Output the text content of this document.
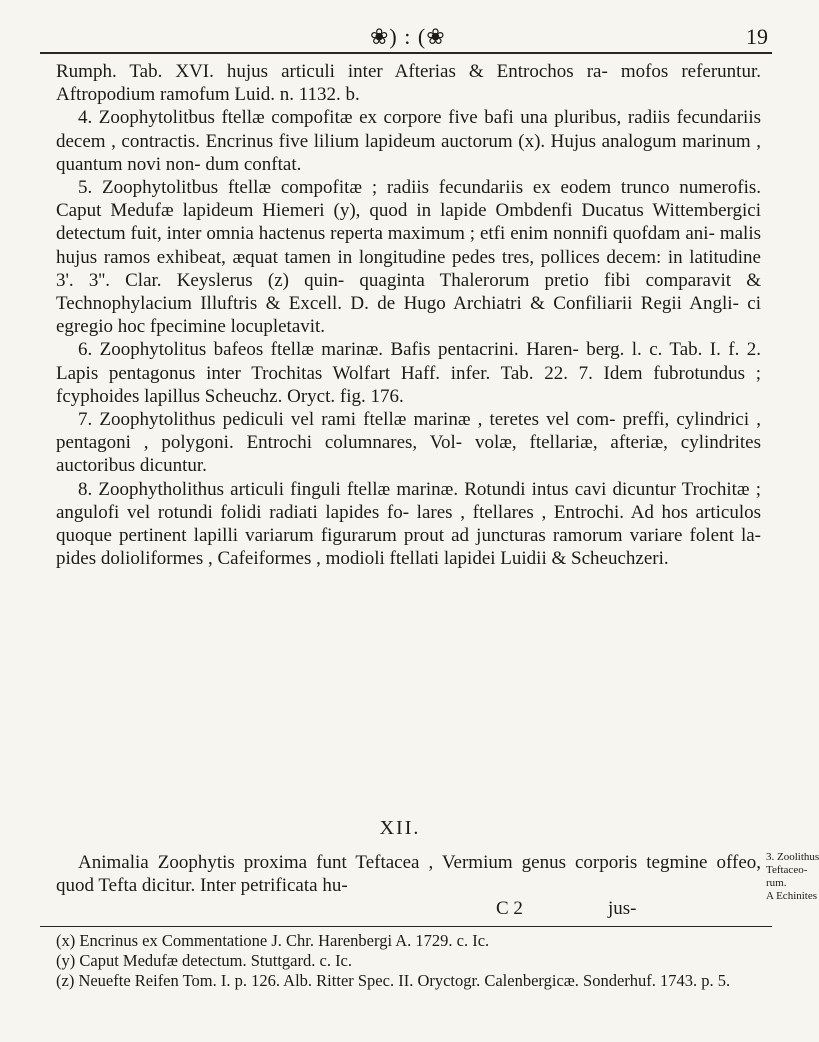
❀) : (❀	19

Rumph. Tab. XVI. hujus articuli inter Afterias & Entrochos ra- mofos referuntur. Aftropodium ramofum Luid. n. 1132. b.

4. Zoophytolitbus ftellæ compofitæ ex corpore five bafi una pluribus, radiis fecundariis decem , contractis. Encrinus five lilium lapideum auctorum (x). Hujus analogum marinum , quantum novi non- dum conftat.

5. Zoophytolitbus ftellæ compofitæ ; radiis fecundariis ex eodem trunco numerofis. Caput Medufæ lapideum Hiemeri (y), quod in lapide Ombdenfi Ducatus Wittembergici detectum fuit, inter omnia hactenus reperta maximum ; etfi enim nonnifi quofdam ani- malis hujus ramos exhibeat, æquat tamen in longitudine pedes tres, pollices decem: in latitudine 3'. 3''. Clar. Keyslerus (z) quin- quaginta Thalerorum pretio fibi comparavit & Technophylacium Illuftris & Excell. D. de Hugo Archiatri & Confiliarii Regii Angli- ci egregio hoc fpecimine locupletavit.

6. Zoophytolitus bafeos ftellæ marinæ. Bafis pentacrini. Haren- berg. l. c. Tab. I. f. 2. Lapis pentagonus inter Trochitas Wolfart Haff. infer. Tab. 22. 7. Idem fubrotundus ; fcyphoides lapillus Scheuchz. Oryct. fig. 176.

7. Zoophytolithus pediculi vel rami ftellæ marinæ , teretes vel com- preffi, cylindrici , pentagoni , polygoni. Entrochi columnares, Vol- volæ, ftellariæ, afteriæ, cylindrites auctoribus dicuntur.

8. Zoophytholithus articuli finguli ftellæ marinæ. Rotundi intus cavi dicuntur Trochitæ ; angulofi vel rotundi folidi radiati lapides fo- lares , ftellares , Entrochi. Ad hos articulos quoque pertinent lapilli variarum figurarum prout ad juncturas ramorum variare folent la- pides dolioliformes , Cafeiformes , modioli ftellati lapidei Luidii & Scheuchzeri.

XII.

Animalia Zoophytis proxima funt Teftacea , Vermium genus corporis tegmine offeo, quod Tefta dicitur. Inter petrificata hu-

C 2	jus-
3. Zoolithus
Teftaceo-
rum.
A Echinites

(x) Encrinus ex Commentatione J. Chr. Harenbergi A. 1729. c. Ic.

(y) Caput Medufæ detectum. Stuttgard. c. Ic.

(z) Neuefte Reifen Tom. I. p. 126. Alb. Ritter Spec. II. Oryctogr. Calenbergicæ. Sonderhuf. 1743. p. 5.
